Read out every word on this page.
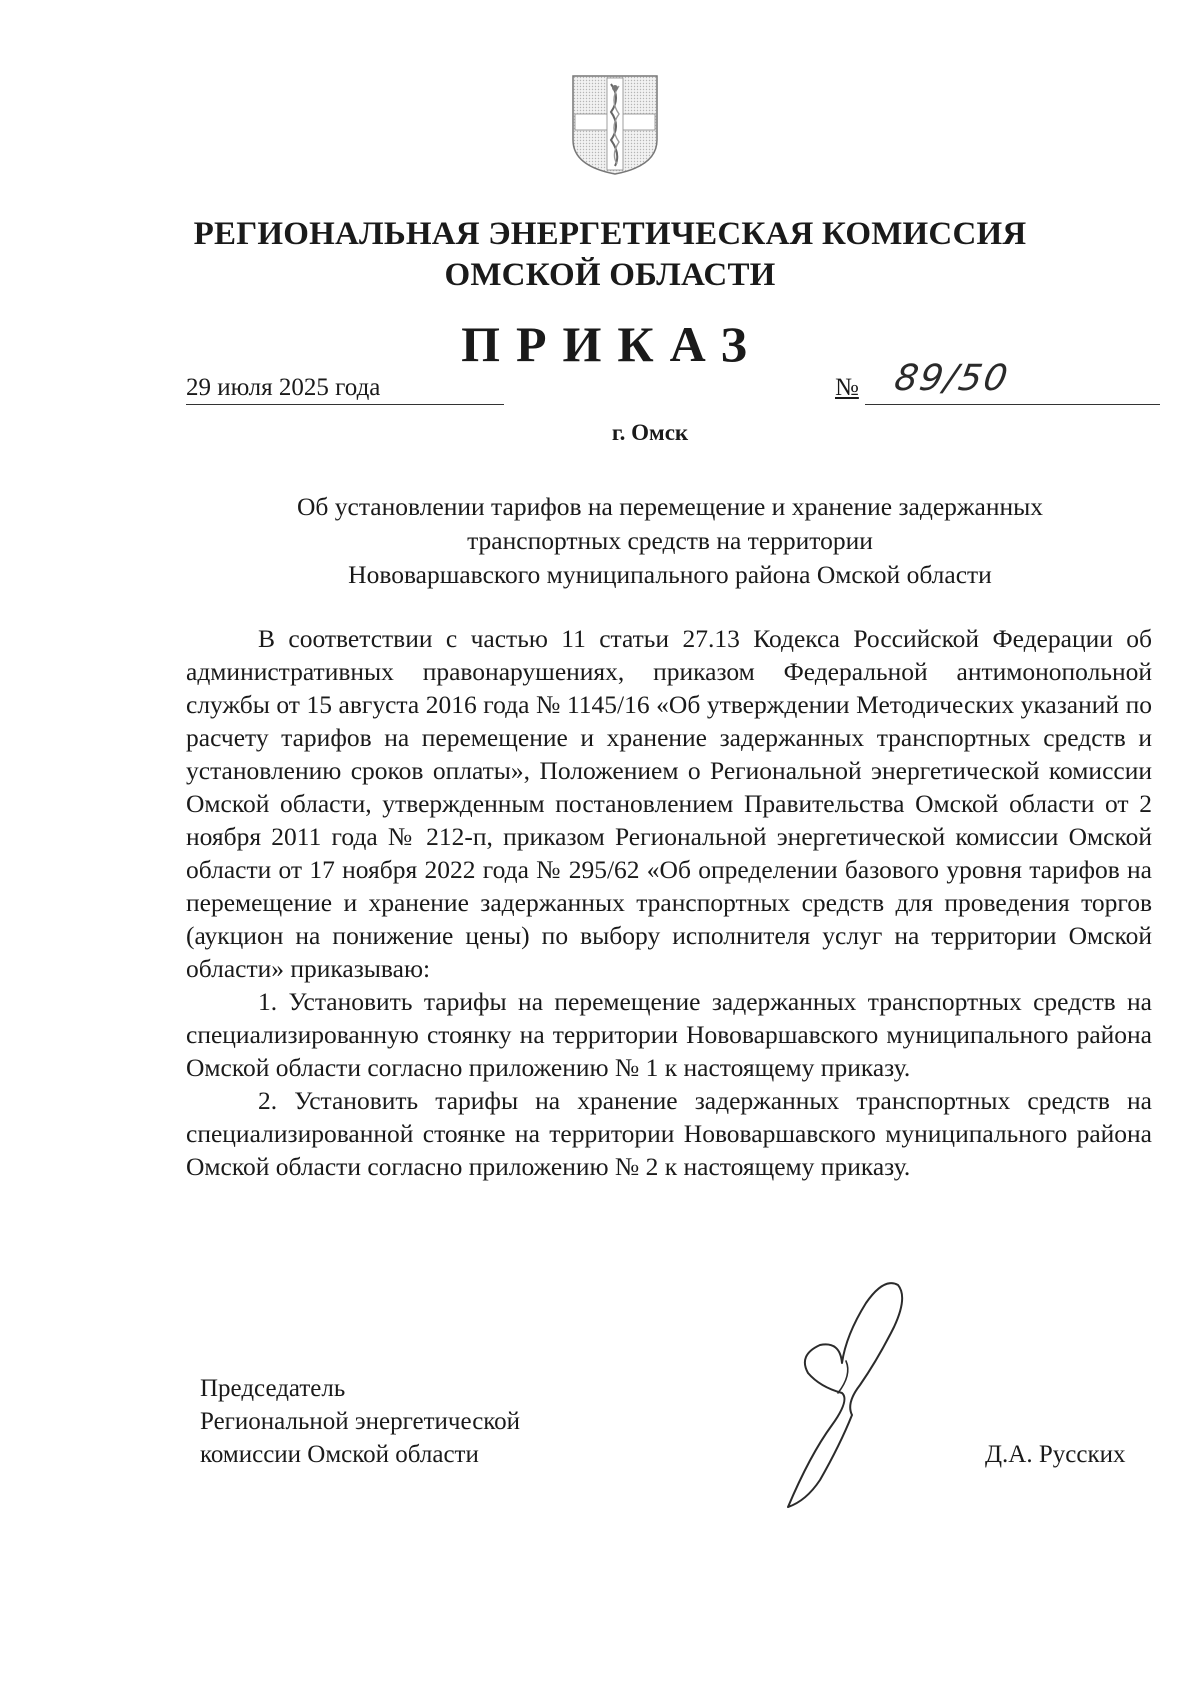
РЕГИОНАЛЬНАЯ ЭНЕРГЕТИЧЕСКАЯ КОМИССИЯ
ОМСКОЙ ОБЛАСТИ
ПРИКАЗ
29 июля 2025 года	№ 89/50
г. Омск
Об установлении тарифов на перемещение и хранение задержанных
транспортных средств на территории
Нововаршавского муниципального района Омской области

В соответствии с частью 11 статьи 27.13 Кодекса Российской Федерации об административных правонарушениях, приказом Федеральной антимонопольной службы от 15 августа 2016 года № 1145/16 «Об утверждении Методических указаний по расчету тарифов на перемещение и хранение задержанных транспортных средств и установлению сроков оплаты», Положением о Региональной энергетической комиссии Омской области, утвержденным постановлением Правительства Омской области от 2 ноября 2011 года № 212-п, приказом Региональной энергетической комиссии Омской области от 17 ноября 2022 года № 295/62 «Об определении базового уровня тарифов на перемещение и хранение задержанных транспортных средств для проведения торгов (аукцион на понижение цены) по выбору исполнителя услуг на территории Омской области» приказываю:

1. Установить тарифы на перемещение задержанных транспортных средств на специализированную стоянку на территории Нововаршавского муниципального района Омской области согласно приложению № 1 к настоящему приказу.

2. Установить тарифы на хранение задержанных транспортных средств на специализированной стоянке на территории Нововаршавского муниципального района Омской области согласно приложению № 2 к настоящему приказу.

Председатель
Региональной энергетической
комиссии Омской области	Д.А. Русских
